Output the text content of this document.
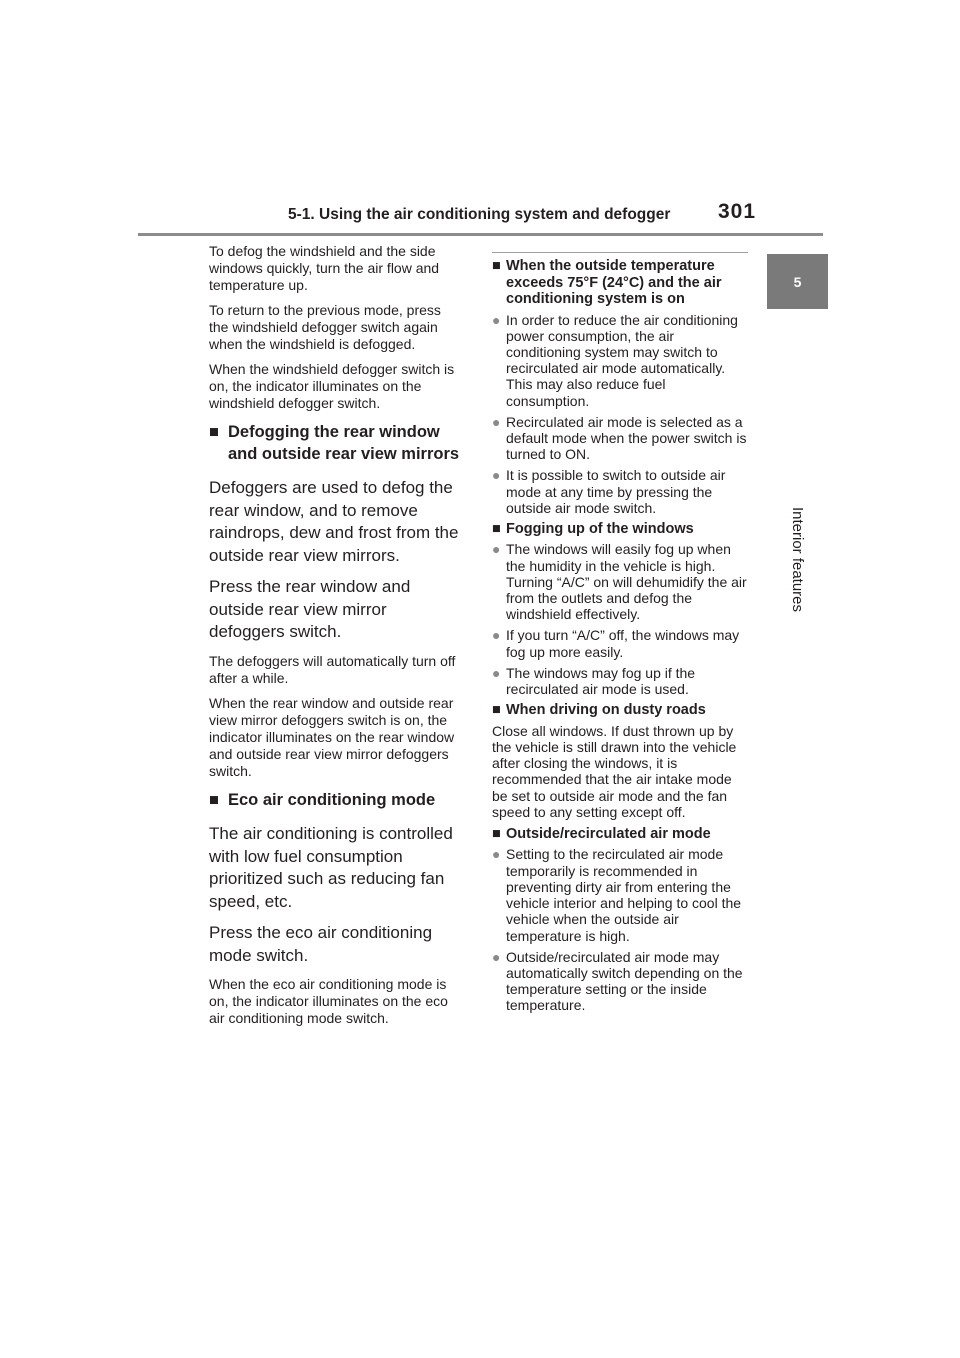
5-1. Using the air conditioning system and defogger	301
5
Interior features

To defog the windshield and the side windows quickly, turn the air flow and temperature up.

To return to the previous mode, press the windshield defogger switch again when the windshield is defogged.

When the windshield defogger switch is on, the indicator illuminates on the windshield defogger switch.

■ Defogging the rear window and outside rear view mirrors

Defoggers are used to defog the rear window, and to remove raindrops, dew and frost from the outside rear view mirrors.

Press the rear window and outside rear view mirror defoggers switch.

The defoggers will automatically turn off after a while.

When the rear window and outside rear view mirror defoggers switch is on, the indicator illuminates on the rear window and outside rear view mirror defoggers switch.

■ Eco air conditioning mode

The air conditioning is controlled with low fuel consumption prioritized such as reducing fan speed, etc.

Press the eco air conditioning mode switch.

When the eco air conditioning mode is on, the indicator illuminates on the eco air conditioning mode switch.

■ When the outside temperature exceeds 75°F (24°C) and the air conditioning system is on
● In order to reduce the air conditioning power consumption, the air conditioning system may switch to recirculated air mode automatically. This may also reduce fuel consumption.
● Recirculated air mode is selected as a default mode when the power switch is turned to ON.
● It is possible to switch to outside air mode at any time by pressing the outside air mode switch.
■ Fogging up of the windows
● The windows will easily fog up when the humidity in the vehicle is high. Turning “A/C” on will dehumidify the air from the outlets and defog the windshield effectively.
● If you turn “A/C” off, the windows may fog up more easily.
● The windows may fog up if the recirculated air mode is used.
■ When driving on dusty roads

Close all windows. If dust thrown up by the vehicle is still drawn into the vehicle after closing the windows, it is recommended that the air intake mode be set to outside air mode and the fan speed to any setting except off.

■ Outside/recirculated air mode
● Setting to the recirculated air mode temporarily is recommended in preventing dirty air from entering the vehicle interior and helping to cool the vehicle when the outside air temperature is high.
● Outside/recirculated air mode may automatically switch depending on the temperature setting or the inside temperature.
